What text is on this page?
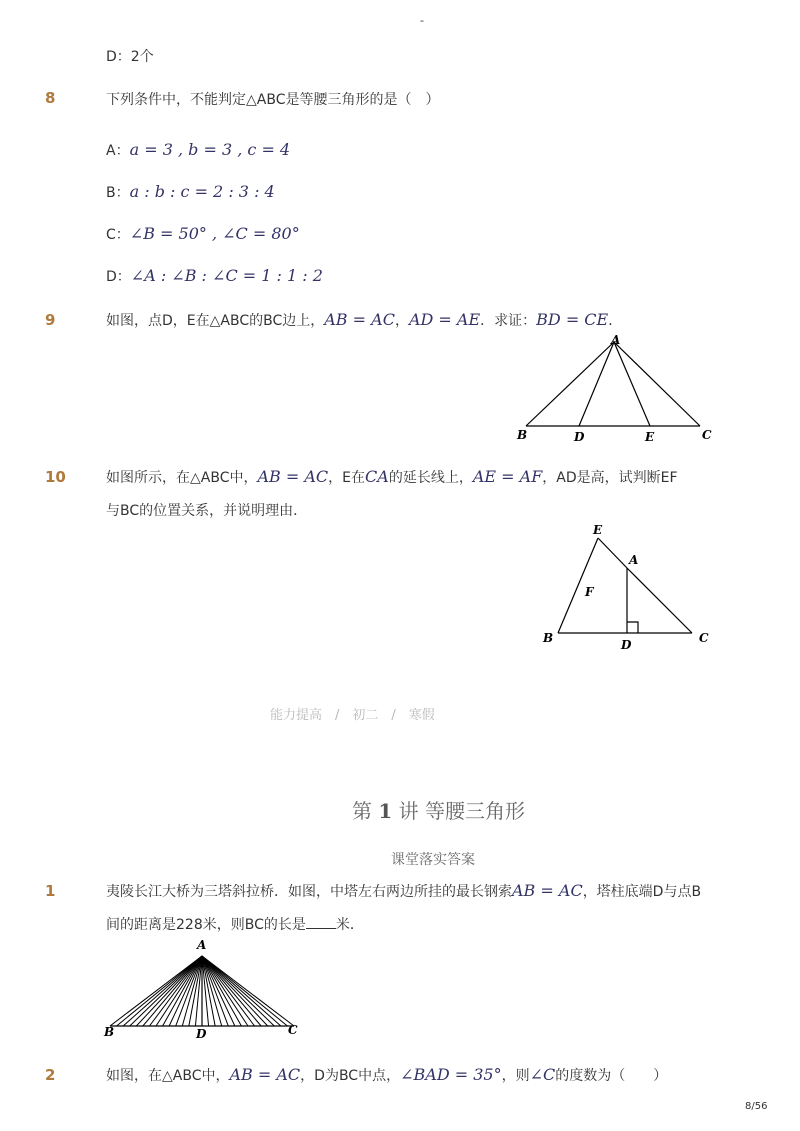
-
D：2个
8	下列条件中，不能判定△ABC是等腰三角形的是（　）
A：a = 3 , b = 3 , c = 4
B：a : b : c = 2 : 3 : 4
C：∠B = 50° , ∠C = 80°
D：∠A : ∠B : ∠C = 1 : 1 : 2
9	如图，点D，E在△ABC的BC边上，AB = AC，AD = AE．求证：BD = CE．
A
B	D	E	C
10	如图所示，在△ABC中，AB = AC，E在CA的延长线上，AE = AF，AD是高，试判断EF
与BC的位置关系，并说明理由．
E
A
F
B	D	C
能力提高　/　初二　/　寒假
第 1 讲 等腰三角形
课堂落实答案
1	夷陵长江大桥为三塔斜拉桥．如图，中塔左右两边所挂的最长钢索AB = AC，塔柱底端D与点B
间的距离是228米，则BC的长是 米．
A
B	D	C
2	如图，在△ABC中，AB = AC，D为BC中点，∠BAD = 35°，则∠C的度数为（　　）
8/56
